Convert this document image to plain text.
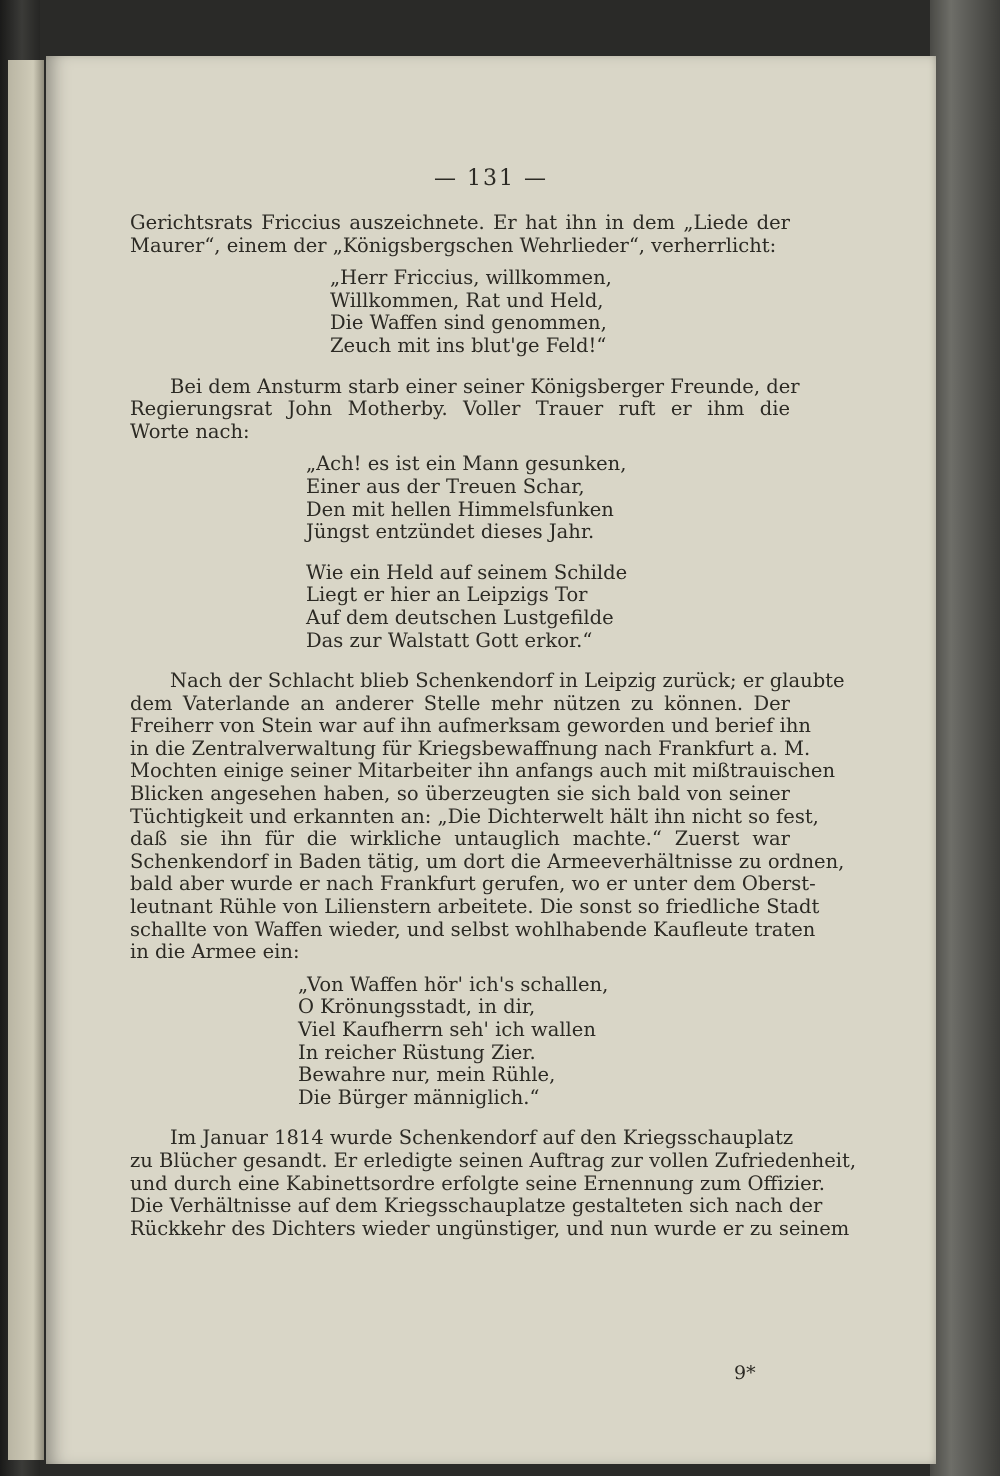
— 131 —

Gerichtsrats Friccius auszeichnete. Er hat ihn in dem „Liede der
Maurer“, einem der „Königsbergschen Wehrlieder“, verherrlicht:

„Herr Friccius, willkommen,
Willkommen, Rat und Held,
Die Waffen sind genommen,
Zeuch mit ins blut'ge Feld!“

Bei dem Ansturm starb einer seiner Königsberger Freunde, der
Regierungsrat John Motherby. Voller Trauer ruft er ihm die
Worte nach:

„Ach! es ist ein Mann gesunken,
Einer aus der Treuen Schar,
Den mit hellen Himmelsfunken
Jüngst entzündet dieses Jahr.
Wie ein Held auf seinem Schilde
Liegt er hier an Leipzigs Tor
Auf dem deutschen Lustgefilde
Das zur Walstatt Gott erkor.“

Nach der Schlacht blieb Schenkendorf in Leipzig zurück; er glaubte
dem Vaterlande an anderer Stelle mehr nützen zu können. Der
Freiherr von Stein war auf ihn aufmerksam geworden und berief ihn
in die Zentralverwaltung für Kriegsbewaffnung nach Frankfurt a. M.
Mochten einige seiner Mitarbeiter ihn anfangs auch mit mißtrauischen
Blicken angesehen haben, so überzeugten sie sich bald von seiner
Tüchtigkeit und erkannten an: „Die Dichterwelt hält ihn nicht so fest,
daß sie ihn für die wirkliche untauglich machte.“ Zuerst war
Schenkendorf in Baden tätig, um dort die Armeeverhältnisse zu ordnen,
bald aber wurde er nach Frankfurt gerufen, wo er unter dem Oberst-
leutnant Rühle von Lilienstern arbeitete. Die sonst so friedliche Stadt
schallte von Waffen wieder, und selbst wohlhabende Kaufleute traten
in die Armee ein:

„Von Waffen hör' ich's schallen,
O Krönungsstadt, in dir,
Viel Kaufherrn seh' ich wallen
In reicher Rüstung Zier.
Bewahre nur, mein Rühle,
Die Bürger männiglich.“

Im Januar 1814 wurde Schenkendorf auf den Kriegsschauplatz
zu Blücher gesandt. Er erledigte seinen Auftrag zur vollen Zufriedenheit,
und durch eine Kabinettsordre erfolgte seine Ernennung zum Offizier.
Die Verhältnisse auf dem Kriegsschauplatze gestalteten sich nach der
Rückkehr des Dichters wieder ungünstiger, und nun wurde er zu seinem

9*
